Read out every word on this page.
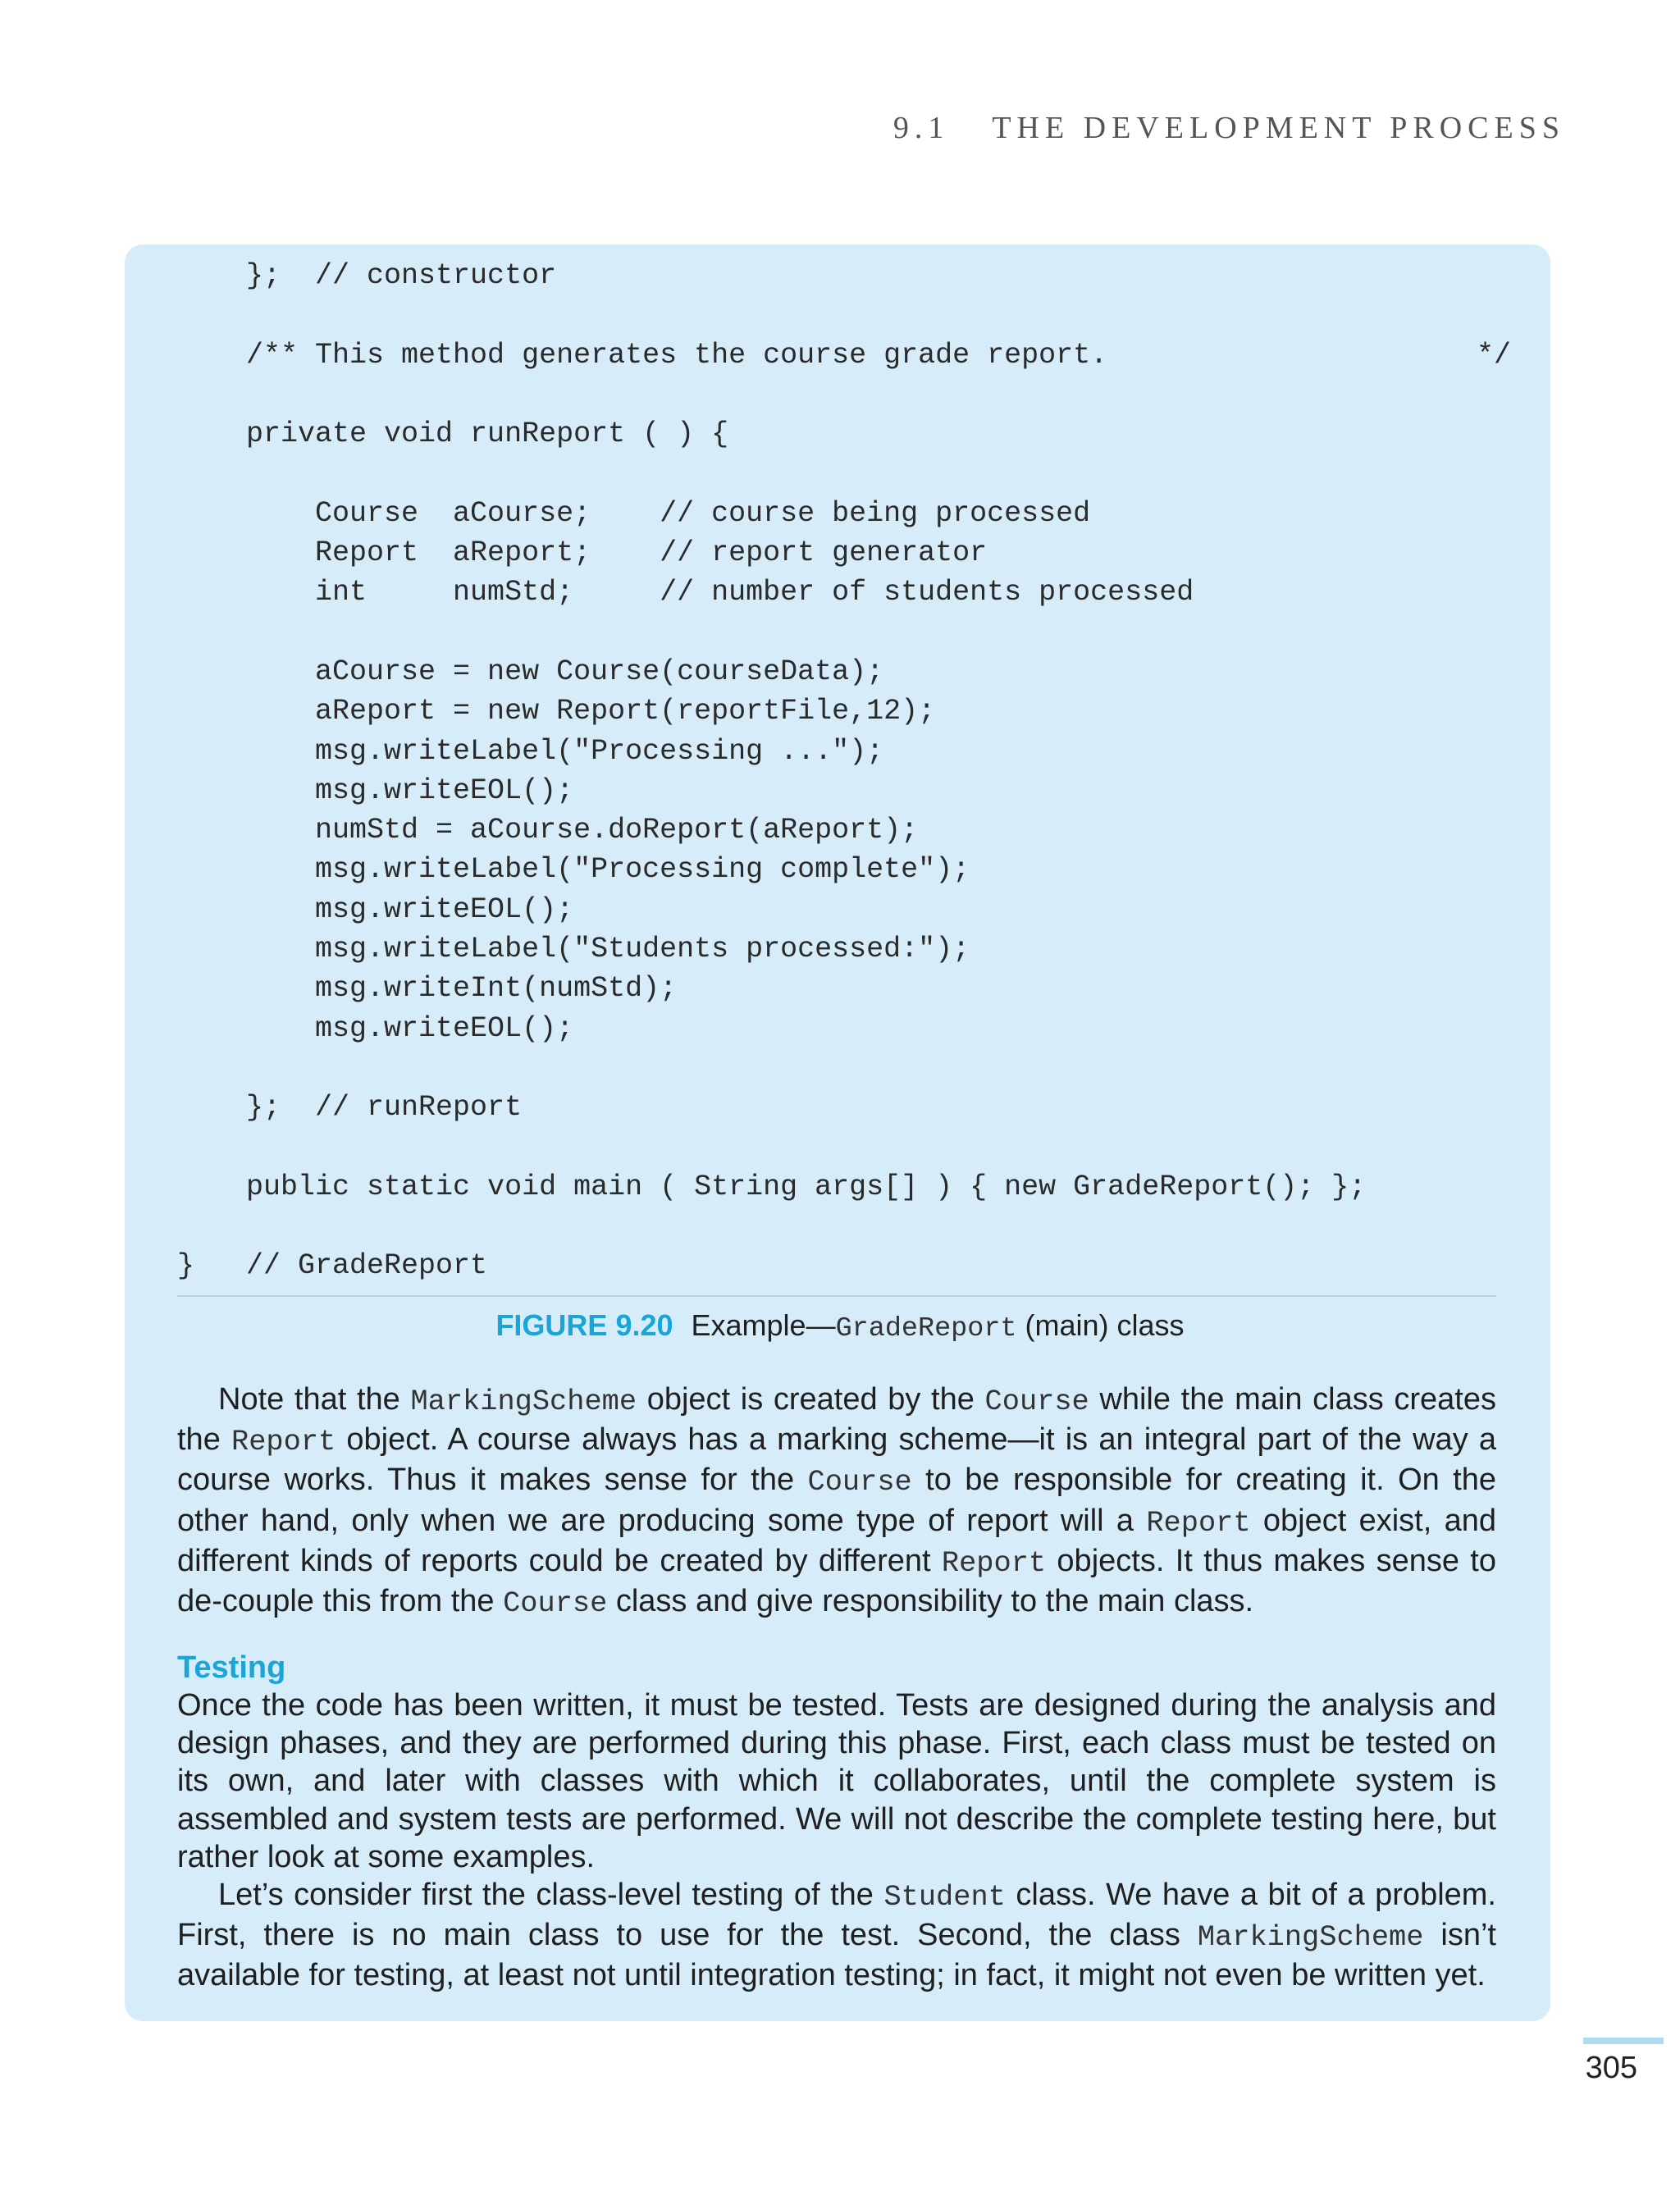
9.1 THE DEVELOPMENT PROCESS
};  // constructor
/** This method generates the course grade report.	*/
private void runReport ( ) {
Course  aCourse;    // course being processed
Report  aReport;    // report generator
int     numStd;     // number of students processed
aCourse = new Course(courseData);
aReport = new Report(reportFile,12);
msg.writeLabel("Processing ...");
msg.writeEOL();
numStd = aCourse.doReport(aReport);
msg.writeLabel("Processing complete");
msg.writeEOL();
msg.writeLabel("Students processed:");
msg.writeInt(numStd);
msg.writeEOL();
};  // runReport
public static void main ( String args[] ) { new GradeReport(); };
}   // GradeReport
FIGURE 9.20 Example—GradeReport (main) class

Note that the MarkingScheme object is created by the Course while the main class creates the Report object. A course always has a marking scheme—it is an integral part of the way a course works. Thus it makes sense for the Course to be responsible for creating it. On the other hand, only when we are producing some type of report will a Report object exist, and different kinds of reports could be created by different Report objects. It thus makes sense to de-couple this from the Course class and give responsibility to the main class.

Testing

Once the code has been written, it must be tested. Tests are designed during the analysis and design phases, and they are performed during this phase. First, each class must be tested on its own, and later with classes with which it collaborates, until the complete system is assembled and system tests are performed. We will not describe the complete testing here, but rather look at some examples.

Let’s consider first the class-level testing of the Student class. We have a bit of a problem. First, there is no main class to use for the test. Second, the class MarkingScheme isn’t available for testing, at least not until integration testing; in fact, it might not even be written yet.

305
